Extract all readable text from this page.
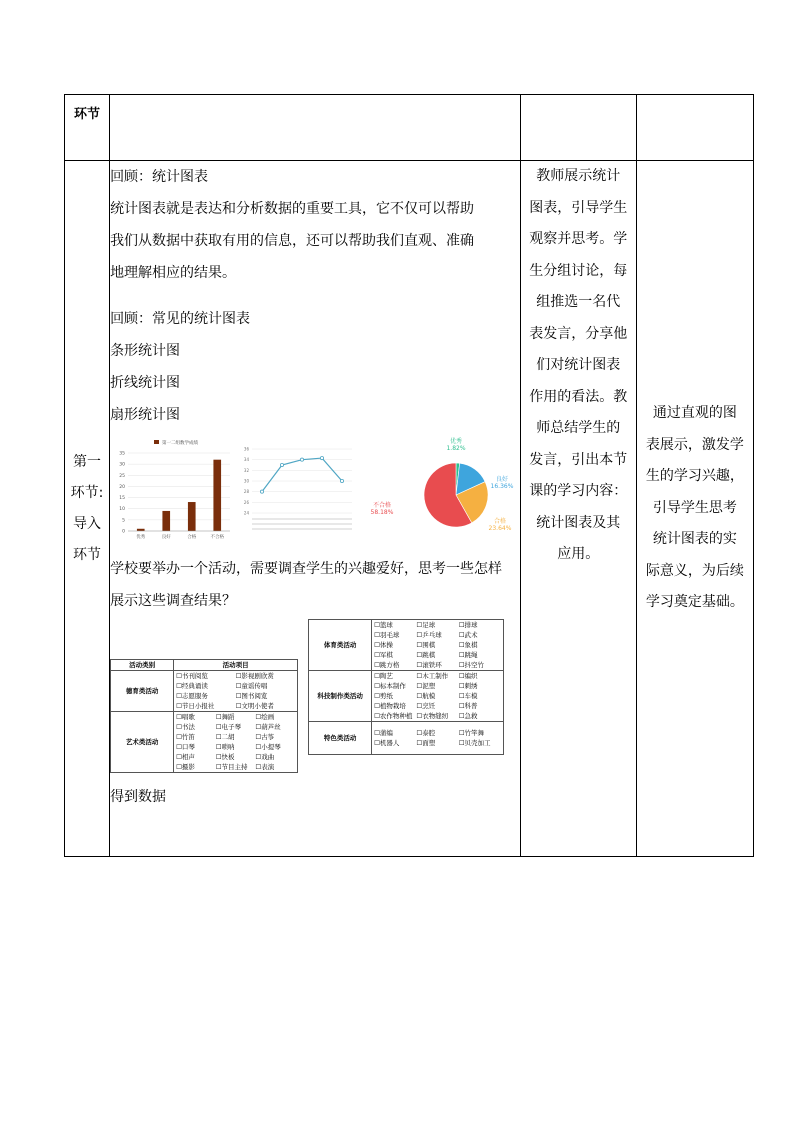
环节

第一
环节:
导入
环节

回顾：统计图表
统计图表就是表达和分析数据的重要工具，它不仅可以帮助
我们从数据中获取有用的信息，还可以帮助我们直观、准确
地理解相应的结果。
回顾：常见的统计图表
条形统计图
折线统计图
扇形统计图
第一二组数学成绩
0
5
10
15
20
25
30
35
优秀	良好	合格	不合格
24
26
28
30
32
34
36
优秀
1.82%
良好
16.36%
合格
23.64%
不合格
58.18%
学校要举办一个活动，需要调查学生的兴趣爱好，思考一些怎样
展示这些调查结果？
活动类别	活动项目
德育类活动	
☐书刊阅览	☐影视剧欣赏
☐经典诵读	☐童谣传唱
☐志愿服务	☐图书阅览
☐节日小报社	☐文明小使者

艺术类活动	
☐唱歌	☐舞蹈	☐绘画
☐书法	☐电子琴	☐葫芦丝
☐竹笛	☐二胡	☐古筝
☐口琴	☐唢呐	☐小提琴
☐相声	☐快板	☐戏曲
☐摄影	☐节目主持	☐表演
体育类活动	
☐篮球	☐足球	☐排球
☐羽毛球	☐乒乓球	☐武术
☐体操	☐围棋	☐象棋
☐军棋	☐跳棋	☐跳绳
☐跳方格	☐滚铁环	☐抖空竹

科技制作类活动	
☐陶艺	☐木工制作	☐编织
☐标本制作	☐泥塑	☐刺绣
☐剪纸	☐航模	☐车模
☐植物栽培	☐烹饪	☐科普
☐农作物种植 ☐衣物缝纫	☐急救

特色类活动	
☐蒲编	☐泰腔	☐竹竿舞
☐机器人	☐面塑	☐贝壳加工
得到数据

教师展示统计
图表，引导学生
观察并思考。学
生分组讨论，每
组推选一名代
表发言，分享他
们对统计图表
作用的看法。教
师总结学生的
发言，引出本节
课的学习内容：
统计图表及其
应用。

通过直观的图
表展示，激发学
生的学习兴趣，
引导学生思考
统计图表的实
际意义，为后续
学习奠定基础。
